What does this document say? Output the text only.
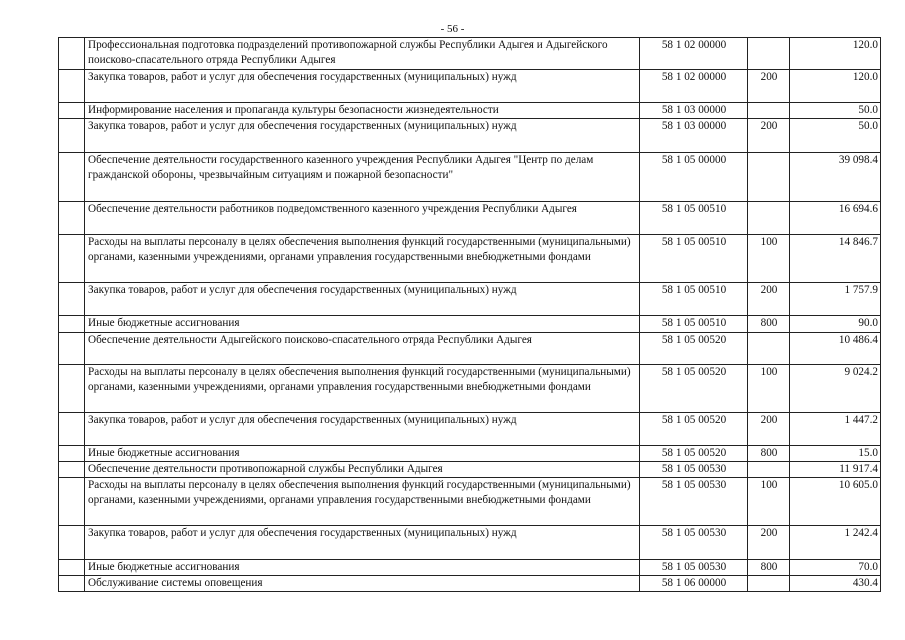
- 56 -
	Профессиональная подготовка подразделений противопожарной службы Республики Адыгея и Адыгейского поисково-спасательного отряда Республики Адыгея	58 1 02 00000		120.0
	Закупка товаров, работ и услуг для обеспечения государственных (муниципальных) нужд	58 1 02 00000	200	120.0
	Информирование населения и пропаганда культуры безопасности жизнедеятельности	58 1 03 00000		50.0
	Закупка товаров, работ и услуг для обеспечения государственных (муниципальных) нужд	58 1 03 00000	200	50.0
	Обеспечение деятельности государственного казенного учреждения Республики Адыгея "Центр по делам гражданской обороны, чрезвычайным ситуациям и пожарной безопасности"	58 1 05 00000		39 098.4
	Обеспечение деятельности работников подведомственного казенного учреждения Республики Адыгея	58 1 05 00510		16 694.6
	Расходы на выплаты персоналу в целях обеспечения выполнения функций государственными (муниципальными) органами, казенными учреждениями, органами управления государственными внебюджетными фондами	58 1 05 00510	100	14 846.7
	Закупка товаров, работ и услуг для обеспечения государственных (муниципальных) нужд	58 1 05 00510	200	1 757.9
	Иные бюджетные ассигнования	58 1 05 00510	800	90.0
	Обеспечение деятельности Адыгейского поисково-спасательного отряда Республики Адыгея	58 1 05 00520		10 486.4
	Расходы на выплаты персоналу в целях обеспечения выполнения функций государственными (муниципальными) органами, казенными учреждениями, органами управления государственными внебюджетными фондами	58 1 05 00520	100	9 024.2
	Закупка товаров, работ и услуг для обеспечения государственных (муниципальных) нужд	58 1 05 00520	200	1 447.2
	Иные бюджетные ассигнования	58 1 05 00520	800	15.0
	Обеспечение деятельности противопожарной службы Республики Адыгея	58 1 05 00530		11 917.4
	Расходы на выплаты персоналу в целях обеспечения выполнения функций государственными (муниципальными) органами, казенными учреждениями, органами управления государственными внебюджетными фондами	58 1 05 00530	100	10 605.0
	Закупка товаров, работ и услуг для обеспечения государственных (муниципальных) нужд	58 1 05 00530	200	1 242.4
	Иные бюджетные ассигнования	58 1 05 00530	800	70.0
	Обслуживание системы оповещения	58 1 06 00000		430.4
